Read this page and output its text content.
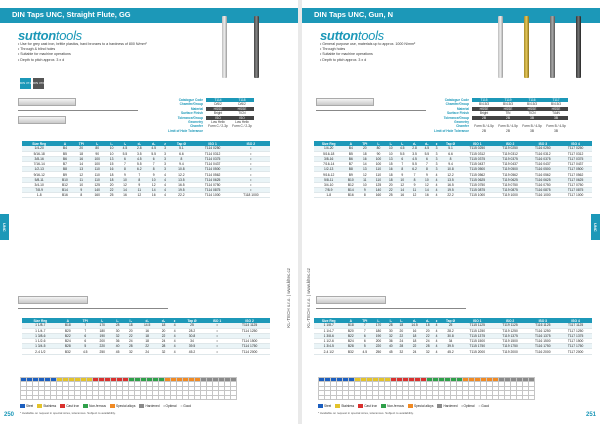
DIN Taps UNC, Straight Flute, GG
suttontools
• Use for grey cast iron, brittle plastics, hard bronzes to a hardness of 800 N/mm²
• Through & blind holes
• Suitable for machine operations
• Depth to pitch approx. 3 x d
DIN 371 DIN 376
Catalogue Code	T114	T118
Chamfer/Group	D/6/2	D/6/2
Material	HSSE	HSSE
Surface Finish	Bright	TiCN
Tolerance/Group	ISO	ISO
Geometry	Low Helix	Low Helix
Chamfer	Form C / 2-3p	Form C / 2-3p
Limit of Hole Tolerance
Size Reg	A	TPI	l₁	l₂	l₃	d₁	d₂	z	Tap Ø	ISO 1	ISO 2
1/4-20	B4	20	80	10	4.5	2.8	4.5	3	5.1	T114 0250	•
5/16-18	B5	18	90	10	5.5	3.5	5.5	3	6.6	T114 0312	•
3/8-16	B6	16	100	13	6	4.5	6	3	8	T114 0375	•
7/16-14	B7	14	100	15	7	5.5	7	3	9.4	T114 0437	•
1/2-13	B8	13	110	16	8	6.2	8	3	10.8	T114 0500	•
9/16-12	B9	12	110	18	9	7	9	4	12.2	T114 0562	•
5/8-11	B10	11	110	18	10	8	10	4	13.5	T114 0625	•
3/4-10	B12	10	125	20	12	9	12	4	16.5	T114 0750	•
7/8-9	B14	9	140	22	14	11	14	4	19.5	T114 0875	•
1-8	B16	8	160	25	16	12	16	4	22.2	T114 1000	T118 1000
UNC
KL-TECH s.r.o. | www.kltec.cz
Size Reg	A	TPI	l₁	l₂	l₃	d₁	d₂	z	Tap Ø	ISO 1	ISO 2
1 1/8-7	B18	7	170	28	18	14.5	18	4	25	•	T114 1125
1 1/4-7	B20	7	180	30	20	16	20	4	28.2	•	T114 1250
1 3/8-6	B22	6	190	32	22	18	22	4	30.8	•	•
1 1/2-6	B24	6	200	36	24	18	24	4	34	•	T114 1500
1 3/4-5	B28	5	220	40	28	22	28	4	39.5	•	T114 1750
2-4 1/2	B32	4.5	250	45	32	24	32	4	45.2	•	T114 2000

Steel	Stainless	Cast Iron	Non-ferrous	Special alloys	Hardened • Optimal ○ Good
* Available on request in special sizes, tolerances. Subject to availability.
250
DIN Taps UNC, Gun, N
suttontools
• General purpose use, materials up to approx. 1000 N/mm²
• Through holes
• Suitable for machine operations
• Depth to pitch approx. 3 x d
Catalogue Code	T115	T119	T116	T117
Chamfer/Group	B/4.5/3	B/4.5/3	B/4.5/3	B/4.5/3
Material	HSSE	HSSE	HSSE	HSSE
Surface Finish	Bright	TiN	TiCN	TiAlN
Tolerance/Group	2B	2B	3B	3B
Geometry
Chamfer	Form B / 4-5p	Form B / 4-5p	Form B / 4-5p	Form B / 4-5p
Limit of Hole Tolerance	2B	2B	3B	3B
Size Reg	A	TPI	l₁	l₂	l₃	d₁	d₂	z	Tap Ø	ISO 1	ISO 2	ISO 3	ISO 4
1/4-20	B4	20	80	10	4.5	2.8	4.5	3	5.1	T115 0250	T119 0250	T116 0250	T117 0250
5/16-18	B5	18	90	10	5.5	3.5	5.5	3	6.6	T115 0312	T119 0312	T116 0312	T117 0312
3/8-16	B6	16	100	13	6	4.5	6	3	8	T115 0375	T119 0375	T116 0375	T117 0375
7/16-14	B7	14	100	15	7	5.5	7	3	9.4	T115 0437	T119 0437	T116 0437	T117 0437
1/2-13	B8	13	110	16	8	6.2	8	3	10.8	T115 0500	T119 0500	T116 0500	T117 0500
9/16-12	B9	12	110	18	9	7	9	4	12.2	T115 0562	T119 0562	T116 0562	T117 0562
5/8-11	B10	11	110	18	10	8	10	4	13.5	T115 0625	T119 0625	T116 0625	T117 0625
3/4-10	B12	10	125	20	12	9	12	4	16.5	T115 0750	T119 0750	T116 0750	T117 0750
7/8-9	B14	9	140	22	14	11	14	4	19.5	T115 0875	T119 0875	T116 0875	T117 0875
1-8	B16	8	160	25	16	12	16	4	22.2	T115 1000	T119 1000	T116 1000	T117 1000
UNC
KL-TECH s.r.o. | www.kltec.cz	Size Reg	A	TPI	l₁	l₂	l₃	d₁	d₂	z	Tap Ø	ISO 1	ISO 2	ISO 3	ISO 4
1 1/8-7	B18	7	170	28	18	14.5	18	4	25	T115 1125	T119 1125	T116 1125	T117 1125
1 1/4-7	B20	7	180	30	20	16	20	4	28.2	T115 1250	T119 1250	T116 1250	T117 1250
1 3/8-6	B22	6	190	32	22	18	22	4	30.8	T115 1375	T119 1375	T116 1375	T117 1375
1 1/2-6	B24	6	200	36	24	18	24	4	34	T115 1500	T119 1500	T116 1500	T117 1500
1 3/4-5	B28	5	220	40	28	22	28	4	39.5	T115 1750	T119 1750	T116 1750	T117 1750
2-4 1/2	B32	4.5	250	45	32	24	32	4	45.2	T115 2000	T119 2000	T116 2000	T117 2000

Steel	Stainless	Cast Iron	Non-ferrous	Special alloys	Hardened • Optimal ○ Good
* Available on request in special sizes, tolerances. Subject to availability.	251
